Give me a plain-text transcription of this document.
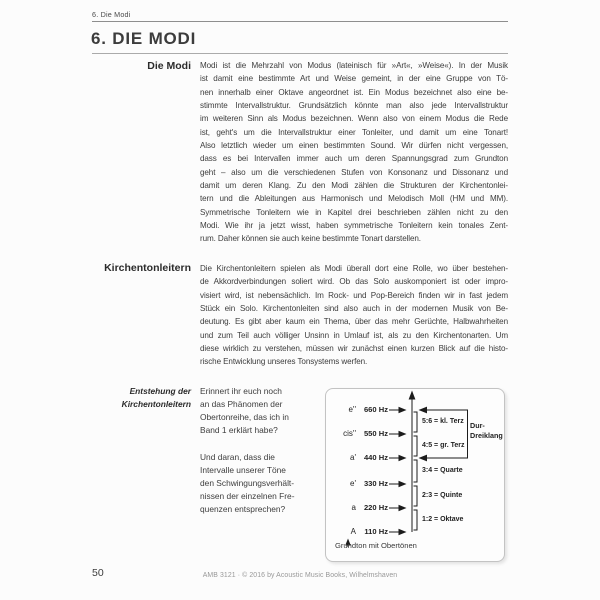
6. Die Modi
6. DIE MODI
Die Modi Modi ist die Mehrzahl von Modus (lateinisch für »Art«, »Weise«). In der Musik
ist damit eine bestimmte Art und Weise gemeint, in der eine Gruppe von Tö-
nen innerhalb einer Oktave angeordnet ist. Ein Modus bezeichnet also eine be-
stimmte Intervallstruktur. Grundsätzlich könnte man also jede Intervallstruktur
im weiteren Sinn als Modus bezeichnen. Wenn also von einem Modus die Rede
ist, geht's um die Intervallstruktur einer Tonleiter, und damit um eine Tonart!
Also letztlich wieder um einen bestimmten Sound. Wir dürfen nicht vergessen,
dass es bei Intervallen immer auch um deren Spannungsgrad zum Grundton
geht – also um die verschiedenen Stufen von Konsonanz und Dissonanz und
damit um deren Klang. Zu den Modi zählen die Strukturen der Kirchentonlei-
tern und die Ableitungen aus Harmonisch und Melodisch Moll (HM und MM).
Symmetrische Tonleitern wie in Kapitel drei beschrieben zählen nicht zu den
Modi. Wie ihr ja jetzt wisst, haben symmetrische Tonleitern kein tonales Zent-
rum. Daher können sie auch keine bestimmte Tonart darstellen.
Kirchentonleitern Die Kirchentonleitern spielen als Modi überall dort eine Rolle, wo über bestehen-
de Akkordverbindungen soliert wird. Ob das Solo auskomponiert ist oder impro-
visiert wird, ist nebensächlich. Im Rock- und Pop-Bereich finden wir in fast jedem
Stück ein Solo. Kirchentonleiten sind also auch in der modernen Musik von Be-
deutung. Es gibt aber kaum ein Thema, über das mehr Gerüchte, Halbwahrheiten
und zum Teil auch völliger Unsinn in Umlauf ist, als zu den Kirchentonarten. Um
diese wirklich zu verstehen, müssen wir zunächst einen kurzen Blick auf die histo-
rische Entwicklung unseres Tonsystems werfen.
Entstehung der
Kirchentonleitern
Erinnert ihr euch noch
an das Phänomen der
Obertonreihe, das ich in
Band 1 erklärt habe?
Und daran, dass die
Intervalle unserer Töne
den Schwingungsverhält-
nissen der einzelnen Fre-
quenzen entsprechen?
e''	660 Hz
cis''	550 Hz
a'	440 Hz
e'	330 Hz
a	220 Hz
A	110 Hz
5:6 = kl. Terz
4:5 = gr. Terz
3:4 = Quarte
2:3 = Quinte
1:2 = Oktave
Dur-
Dreiklang
Grundton mit Obertönen
50	AMB 3121 · © 2016 by Acoustic Music Books, Wilhelmshaven
